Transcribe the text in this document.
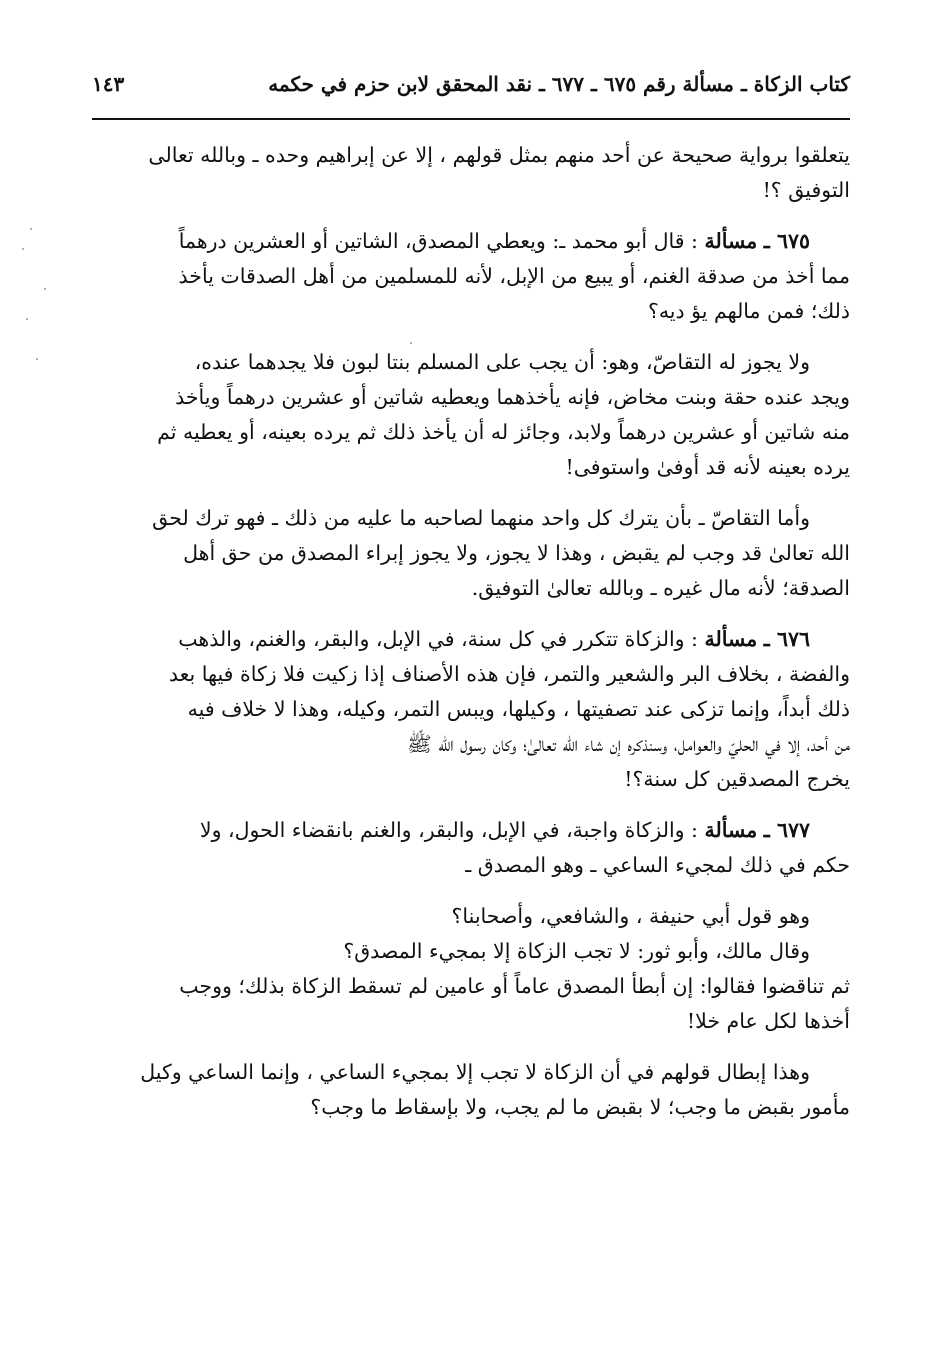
كتاب الزكاة ـ مسألة رقم ٦٧٥ ـ ٦٧٧ ـ نقد المحقق لابن حزم في حكمه
١٤٣

يتعلقوا برواية صحيحة عن أحد منهم بمثل قولهم ، إلا عن إبراهيم وحده ـ وبالله تعالى
التوفيق ؟!

٦٧٥ ـ مسألة : قال أبو محمد ـ: ويعطي المصدق، الشاتين أو العشرين درهماً
مما أخذ من صدقة الغنم، أو يبيع من الإبل، لأنه للمسلمين من أهل الصدقات يأخذ
ذلك؛ فمن مالهم يؤ ديه؟

ولا يجوز له التقاصّ، وهو: أن يجب على المسلم بنتا لبون فلا يجدهما عنده،
ويجد عنده حقة وبنت مخاض، فإنه يأخذهما ويعطيه شاتين أو عشرين درهماً ويأخذ
منه شاتين أو عشرين درهماً ولابد، وجائز له أن يأخذ ذلك ثم يرده بعينه، أو يعطيه ثم
يرده بعينه لأنه قد أوفىٰ واستوفى!

وأما التقاصّ ـ بأن يترك كل واحد منهما لصاحبه ما عليه من ذلك ـ فهو ترك لحق
الله تعالىٰ قد وجب لم يقبض ، وهذا لا يجوز، ولا يجوز إبراء المصدق من حق أهل
الصدقة؛ لأنه مال غيره ـ وبالله تعالىٰ التوفيق.

٦٧٦ ـ مسألة : والزكاة تتكرر في كل سنة، في الإبل، والبقر، والغنم، والذهب
والفضة ، بخلاف البر والشعير والتمر، فإن هذه الأصناف إذا زكيت فلا زكاة فيها بعد
ذلك أبداً، وإنما تزكى عند تصفيتها ، وكيلها، ويبس التمر، وكيله، وهذا لا خلاف فيه
من أحد، إلا في الحليّ والعوامل، وسنذكره إن شاء الله تعالىٰ؛ وكان رسول الله ﷺ
يخرج المصدقين كل سنة؟!

٦٧٧ ـ مسألة : والزكاة واجبة، في الإبل، والبقر، والغنم بانقضاء الحول، ولا
حكم في ذلك لمجيء الساعي ـ وهو المصدق ـ

وهو قول أبي حنيفة ، والشافعي، وأصحابنا؟
وقال مالك، وأبو ثور: لا تجب الزكاة إلا بمجيء المصدق؟

ثم تناقضوا فقالوا: إن أبطأ المصدق عاماً أو عامين لم تسقط الزكاة بذلك؛ ووجب
أخذها لكل عام خلا!

وهذا إبطال قولهم في أن الزكاة لا تجب إلا بمجيء الساعي ، وإنما الساعي وكيل
مأمور بقبض ما وجب؛ لا بقبض ما لم يجب، ولا بإسقاط ما وجب؟
